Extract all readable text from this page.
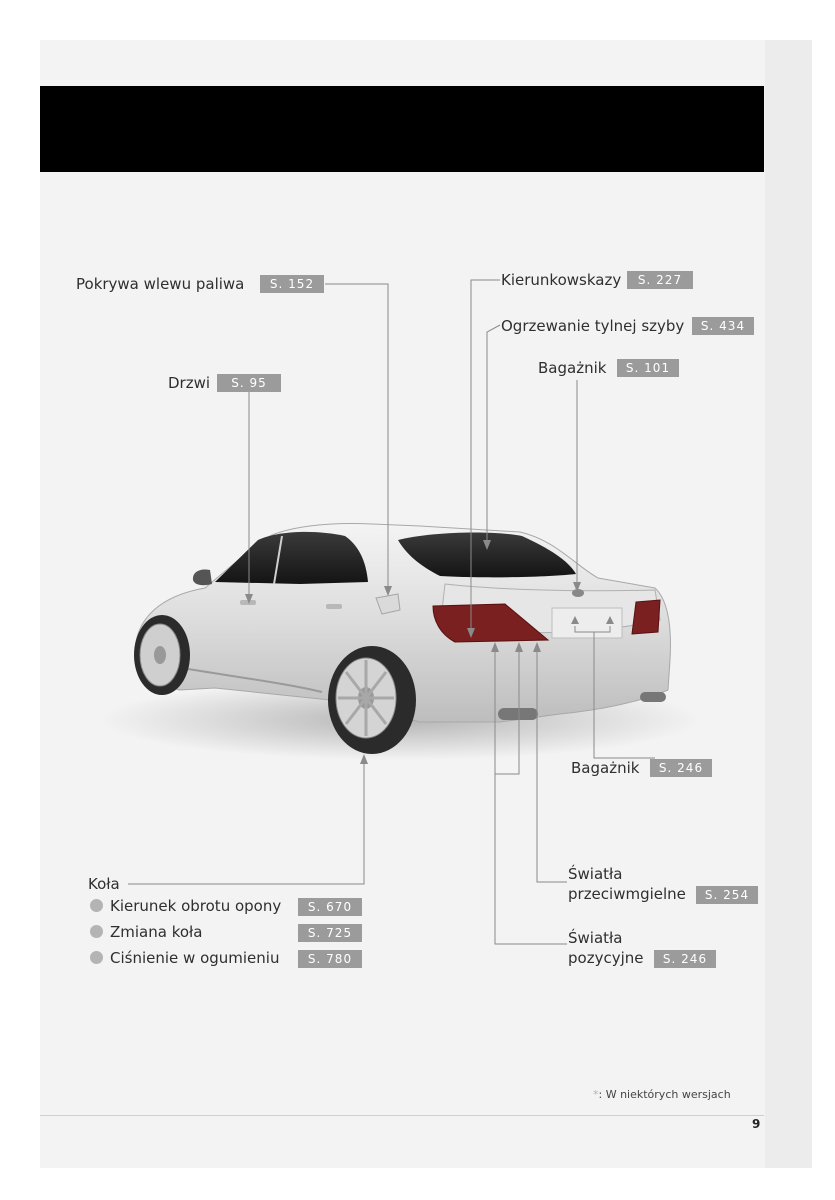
Pokrywa wlewu paliwa	S. 152
Drzwi	S. 95
Kierunkowskazy	S. 227
Ogrzewanie tylnej szyby	S. 434
Bagażnik	S. 101
Bagażnik	S. 246
Światła
przeciwmgielne	S. 254
Światła
pozycyjne	S. 246
Koła
Kierunek obrotu opony	S. 670
Zmiana koła	S. 725
Ciśnienie w ogumieniu	S. 780
*: W niektórych wersjach
9
